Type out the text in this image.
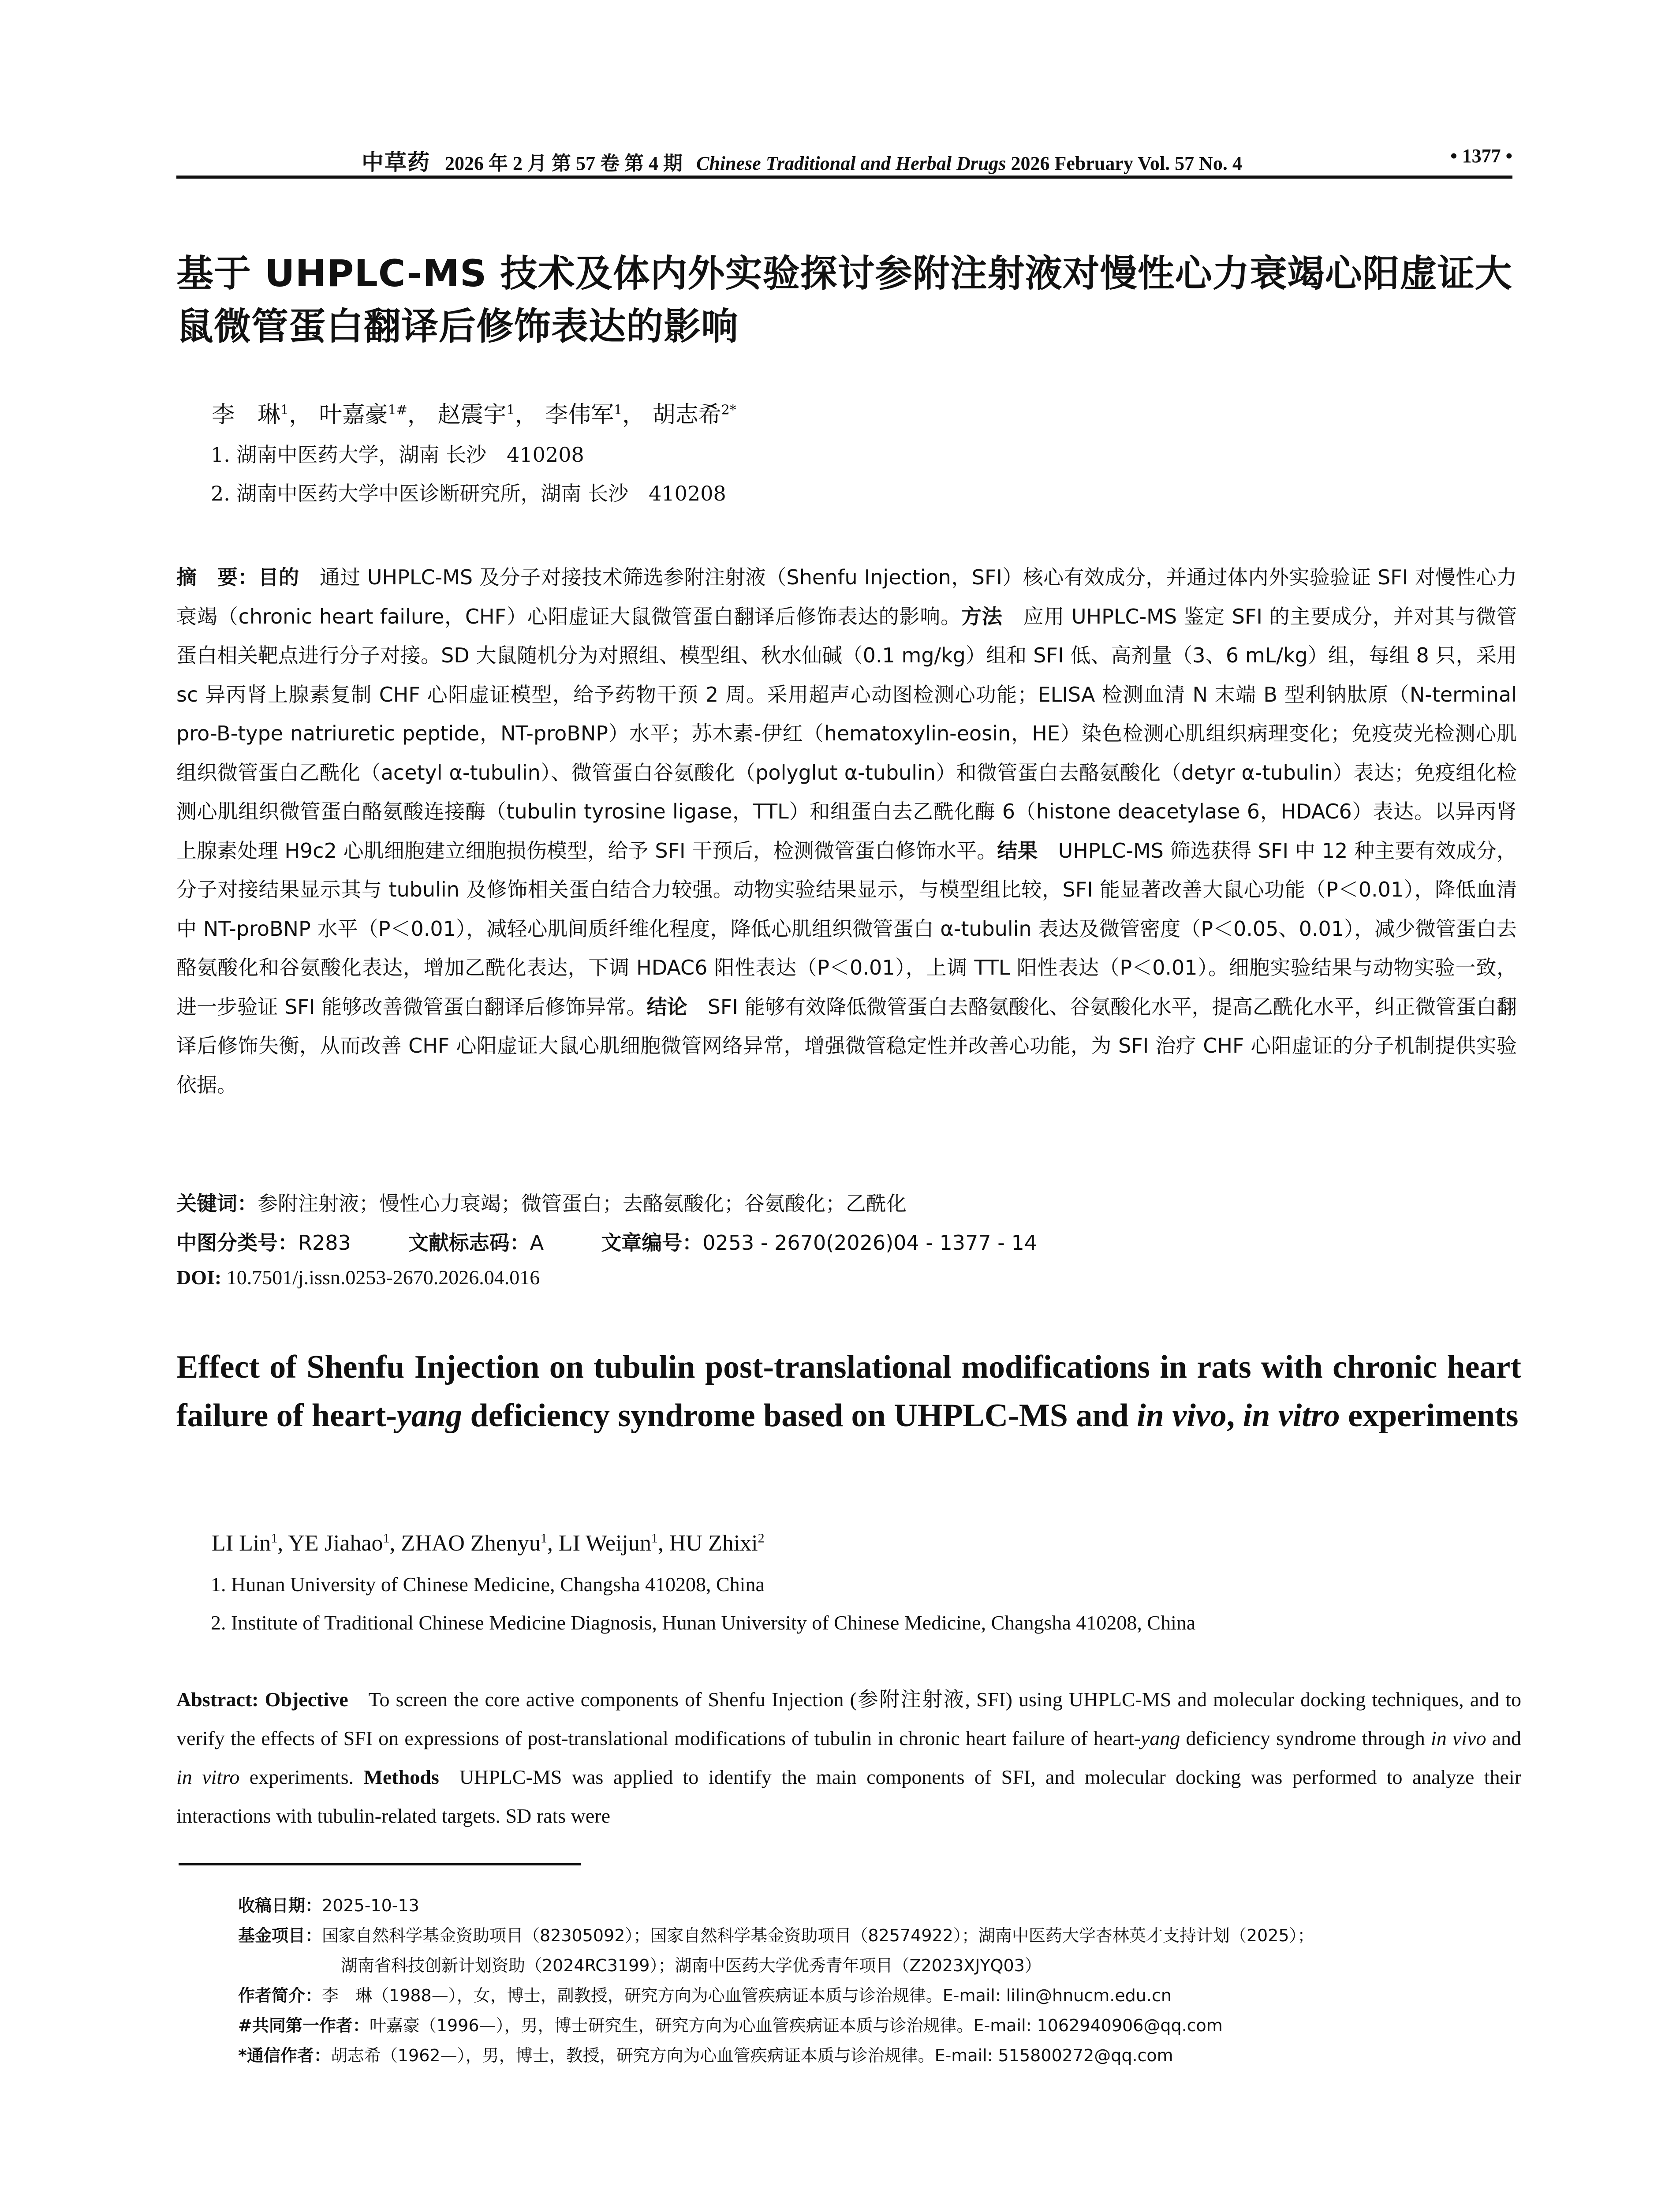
中草药 2026 年 2 月 第 57 卷 第 4 期 Chinese Traditional and Herbal Drugs 2026 February Vol. 57 No. 4	• 1377 •
基于 UHPLC-MS 技术及体内外实验探讨参附注射液对慢性心力衰竭心阳虚证大鼠微管蛋白翻译后修饰表达的影响
李　琳$^1$， 叶嘉豪$^{1\#}$， 赵震宇$^1$， 李伟军$^1$， 胡志希$^{2*}$
1. 湖南中医药大学，湖南 长沙　410208
2. 湖南中医药大学中医诊断研究所，湖南 长沙　410208
摘　要：目的  通过 UHPLC-MS 及分子对接技术筛选参附注射液（Shenfu Injection，SFI）核心有效成分，并通过体内外实验验证 SFI 对慢性心力衰竭（chronic heart failure，CHF）心阳虚证大鼠微管蛋白翻译后修饰表达的影响。方法  应用 UHPLC-MS 鉴定 SFI 的主要成分，并对其与微管蛋白相关靶点进行分子对接。SD 大鼠随机分为对照组、模型组、秋水仙碱（0.1 mg/kg）组和 SFI 低、高剂量（3、6 mL/kg）组，每组 8 只，采用 sc 异丙肾上腺素复制 CHF 心阳虚证模型，给予药物干预 2 周。采用超声心动图检测心功能；ELISA 检测血清 N 末端 B 型利钠肽原（N-terminal pro-B-type natriuretic peptide，NT-proBNP）水平；苏木素-伊红（hematoxylin-eosin，HE）染色检测心肌组织病理变化；免疫荧光检测心肌组织微管蛋白乙酰化（acetyl α-tubulin）、微管蛋白谷氨酸化（polyglut α-tubulin）和微管蛋白去酪氨酸化（detyr α-tubulin）表达；免疫组化检测心肌组织微管蛋白酪氨酸连接酶（tubulin tyrosine ligase，TTL）和组蛋白去乙酰化酶 6（histone deacetylase 6，HDAC6）表达。以异丙肾上腺素处理 H9c2 心肌细胞建立细胞损伤模型，给予 SFI 干预后，检测微管蛋白修饰水平。结果  UHPLC-MS 筛选获得 SFI 中 12 种主要有效成分，分子对接结果显示其与 tubulin 及修饰相关蛋白结合力较强。动物实验结果显示，与模型组比较，SFI 能显著改善大鼠心功能（P＜0.01），降低血清中 NT-proBNP 水平（P＜0.01），减轻心肌间质纤维化程度，降低心肌组织微管蛋白 α-tubulin 表达及微管密度（P＜0.05、0.01），减少微管蛋白去酪氨酸化和谷氨酸化表达，增加乙酰化表达，下调 HDAC6 阳性表达（P＜0.01），上调 TTL 阳性表达（P＜0.01）。细胞实验结果与动物实验一致，进一步验证 SFI 能够改善微管蛋白翻译后修饰异常。结论  SFI 能够有效降低微管蛋白去酪氨酸化、谷氨酸化水平，提高乙酰化水平，纠正微管蛋白翻译后修饰失衡，从而改善 CHF 心阳虚证大鼠心肌细胞微管网络异常，增强微管稳定性并改善心功能，为 SFI 治疗 CHF 心阳虚证的分子机制提供实验依据。
关键词：参附注射液；慢性心力衰竭；微管蛋白；去酪氨酸化；谷氨酸化；乙酰化
中图分类号：R283	文献标志码：A	文章编号：0253 - 2670(2026)04 - 1377 - 14
DOI: 10.7501/j.issn.0253-2670.2026.04.016
Effect of Shenfu Injection on tubulin post-translational modifications in rats with chronic heart failure of heart-yang deficiency syndrome based on UHPLC-MS and in vivo, in vitro experiments
LI Lin$^1$, YE Jiahao$^1$, ZHAO Zhenyu$^1$, LI Weijun$^1$, HU Zhixi$^2$
1. Hunan University of Chinese Medicine, Changsha 410208, China
2. Institute of Traditional Chinese Medicine Diagnosis, Hunan University of Chinese Medicine, Changsha 410208, China
Abstract: Objective  To screen the core active components of Shenfu Injection (参附注射液, SFI) using UHPLC-MS and molecular docking techniques, and to verify the effects of SFI on expressions of post-translational modifications of tubulin in chronic heart failure of heart-yang deficiency syndrome through in vivo and in vitro experiments. Methods  UHPLC-MS was applied to identify the main components of SFI, and molecular docking was performed to analyze their interactions with tubulin-related targets. SD rats were
收稿日期：2025-10-13
基金项目：国家自然科学基金资助项目（82305092）；国家自然科学基金资助项目（82574922）；湖南中医药大学杏林英才支持计划（2025）；
湖南省科技创新计划资助（2024RC3199）；湖南中医药大学优秀青年项目（Z2023XJYQ03）
作者简介：李　琳（1988—），女，博士，副教授，研究方向为心血管疾病证本质与诊治规律。E-mail: lilin@hnucm.edu.cn
#共同第一作者：叶嘉豪（1996—），男，博士研究生，研究方向为心血管疾病证本质与诊治规律。E-mail: 1062940906@qq.com
*通信作者：胡志希（1962—），男，博士，教授，研究方向为心血管疾病证本质与诊治规律。E-mail: 515800272@qq.com
